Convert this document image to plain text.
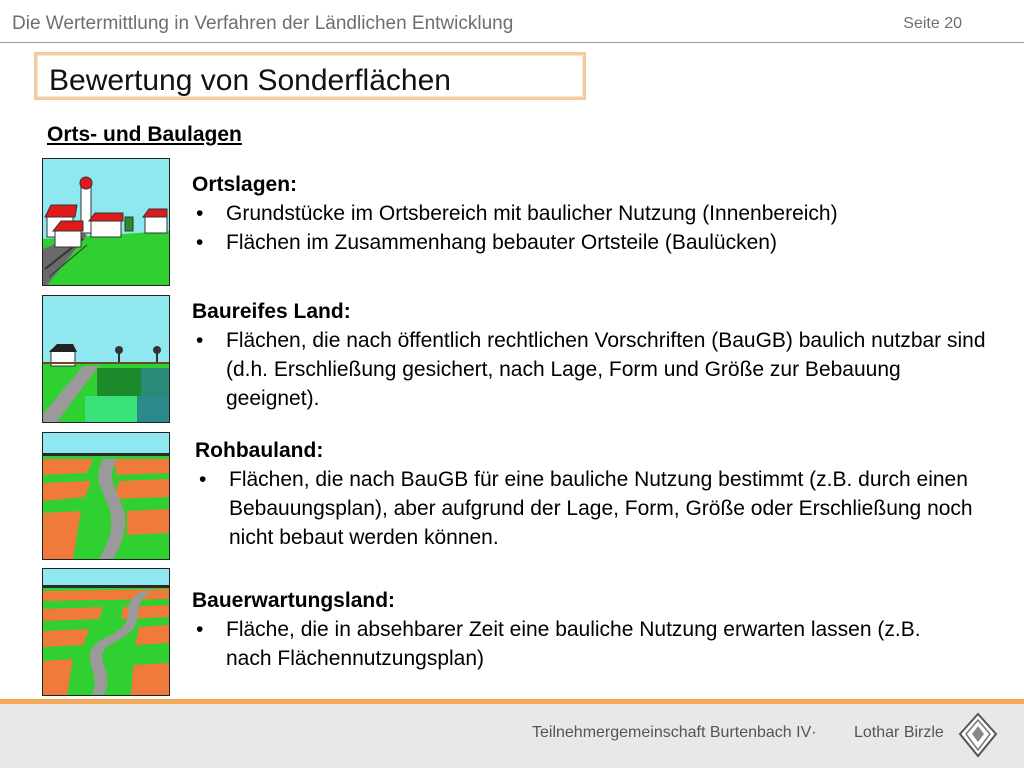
Die Wertermittlung in Verfahren der Ländlichen Entwicklung	Seite 20
Bewertung von Sonderflächen
Orts- und Baulagen
Ortslagen:
• Grundstücke im Ortsbereich mit baulicher Nutzung (Innenbereich)
• Flächen im Zusammenhang bebauter Ortsteile (Baulücken)
Baureifes Land:
• Flächen, die nach öffentlich rechtlichen Vorschriften (BauGB) baulich nutzbar sind (d.h. Erschließung gesichert, nach Lage, Form und Größe zur Bebauung geeignet).
Rohbauland:
• Flächen, die nach BauGB für eine bauliche Nutzung bestimmt (z.B. durch einen Bebauungsplan), aber aufgrund der Lage, Form, Größe oder Erschließung noch nicht bebaut werden können.
Bauerwartungsland:
• Fläche, die in absehbarer Zeit eine bauliche Nutzung erwarten lassen (z.B. nach Flächennutzungsplan)
Teilnehmergemeinschaft Burtenbach IV· Lothar Birzle
